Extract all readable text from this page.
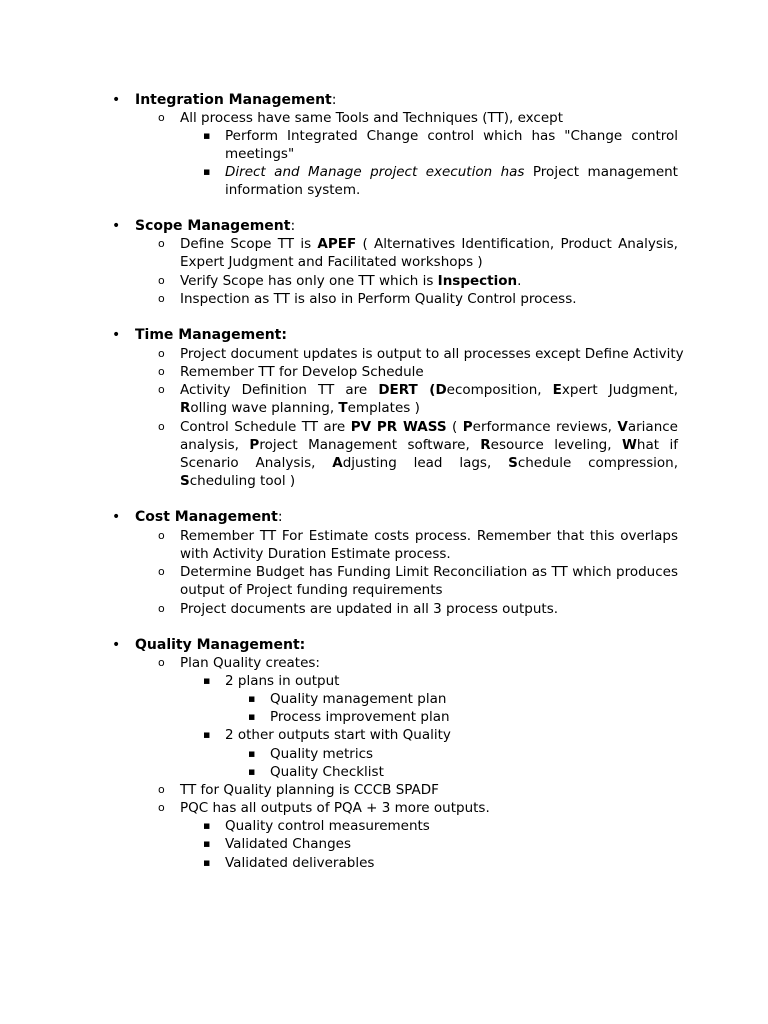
•	Integration Management:
o All process have same Tools and Techniques (TT), except
▪ Perform Integrated Change control which has "Change control meetings"
▪ Direct and Manage project execution has Project management information system.
•	Scope Management:
o Define Scope TT is APEF ( Alternatives Identification, Product Analysis, Expert Judgment and Facilitated workshops )
o Verify Scope has only one TT which is Inspection.
o Inspection as TT is also in Perform Quality Control process.
•	Time Management:
o Project document updates is output to all processes except Define Activity
o Remember TT for Develop Schedule
o Activity Definition TT are DERT (Decomposition, Expert Judgment, Rolling wave planning, Templates )
o Control Schedule TT are PV PR WASS ( Performance reviews, Variance analysis, Project Management software, Resource leveling, What if Scenario Analysis, Adjusting lead lags, Schedule compression, Scheduling tool )
•	Cost Management:
o Remember TT For Estimate costs process. Remember that this overlaps with Activity Duration Estimate process.
o Determine Budget has Funding Limit Reconciliation as TT which produces output of Project funding requirements
o Project documents are updated in all 3 process outputs.
•	Quality Management:
o Plan Quality creates:
▪ 2 plans in output
▪ Quality management plan
▪ Process improvement plan
▪ 2 other outputs start with Quality
▪ Quality metrics
▪ Quality Checklist
o TT for Quality planning is CCCB SPADF
o PQC has all outputs of PQA + 3 more outputs.
▪ Quality control measurements
▪ Validated Changes
▪ Validated deliverables
